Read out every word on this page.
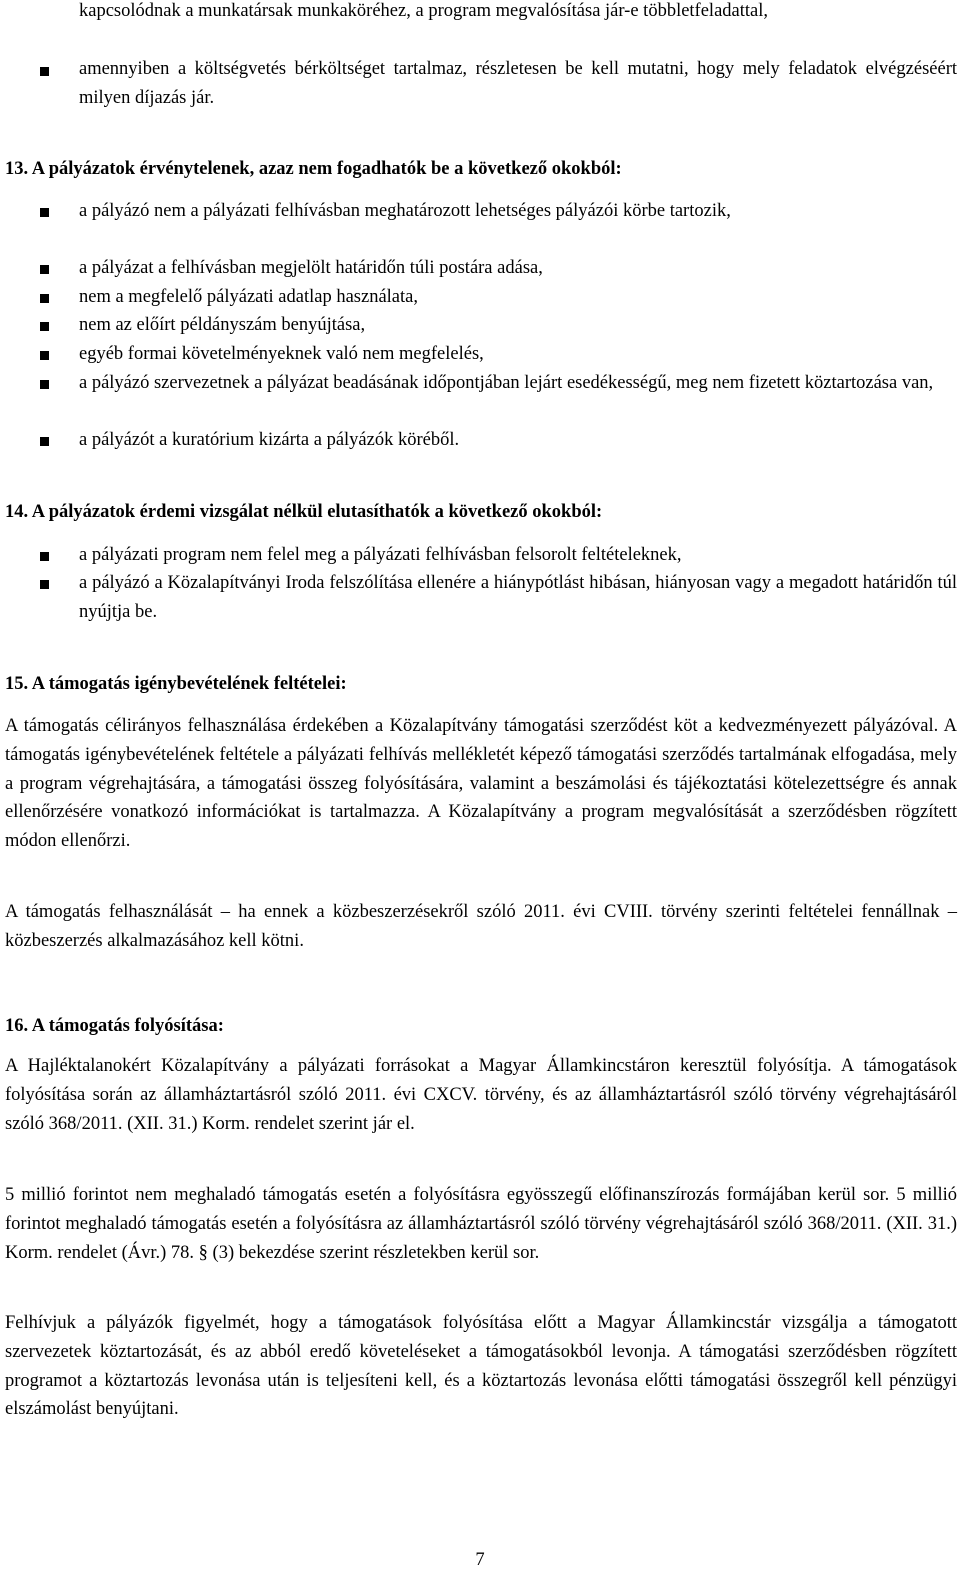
kapcsolódnak a munkatársak munkaköréhez, a program megvalósítása jár-e többletfeladattal,

amennyiben a költségvetés bérköltséget tartalmaz, részletesen be kell mutatni, hogy mely feladatok elvégzéséért milyen díjazás jár.

13. A pályázatok érvénytelenek, azaz nem fogadhatók be a következő okokból:

a pályázó nem a pályázati felhívásban meghatározott lehetséges pályázói körbe tartozik,

a pályázat a felhívásban megjelölt határidőn túli postára adása,

nem a megfelelő pályázati adatlap használata,

nem az előírt példányszám benyújtása,

egyéb formai követelményeknek való nem megfelelés,

a pályázó szervezetnek a pályázat beadásának időpontjában lejárt esedékességű, meg nem fizetett köztartozása van,

a pályázót a kuratórium kizárta a pályázók köréből.

14. A pályázatok érdemi vizsgálat nélkül elutasíthatók a következő okokból:

a pályázati program nem felel meg a pályázati felhívásban felsorolt feltételeknek,

a pályázó a Közalapítványi Iroda felszólítása ellenére a hiánypótlást hibásan, hiányosan vagy a megadott határidőn túl nyújtja be.

15. A támogatás igénybevételének feltételei:

A támogatás célirányos felhasználása érdekében a Közalapítvány támogatási szerződést köt a kedvezményezett pályázóval. A támogatás igénybevételének feltétele a pályázati felhívás mellékletét képező támogatási szerződés tartalmának elfogadása, mely a program végrehajtására, a támogatási összeg folyósítására, valamint a beszámolási és tájékoztatási kötelezettségre és annak ellenőrzésére vonatkozó információkat is tartalmazza. A Közalapítvány a program megvalósítását a szerződésben rögzített módon ellenőrzi.

A támogatás felhasználását – ha ennek a közbeszerzésekről szóló 2011. évi CVIII. törvény szerinti feltételei fennállnak – közbeszerzés alkalmazásához kell kötni.

16. A támogatás folyósítása:

A Hajléktalanokért Közalapítvány a pályázati forrásokat a Magyar Államkincstáron keresztül folyósítja. A támogatások folyósítása során az államháztartásról szóló 2011. évi CXCV. törvény, és az államháztartásról szóló törvény végrehajtásáról szóló 368/2011. (XII. 31.) Korm. rendelet szerint jár el.

5 millió forintot nem meghaladó támogatás esetén a folyósításra egyösszegű előfinanszírozás formájában kerül sor. 5 millió forintot meghaladó támogatás esetén a folyósításra az államháztartásról szóló törvény végrehajtásáról szóló 368/2011. (XII. 31.) Korm. rendelet (Ávr.) 78. § (3) bekezdése szerint részletekben kerül sor.

Felhívjuk a pályázók figyelmét, hogy a támogatások folyósítása előtt a Magyar Államkincstár vizsgálja a támogatott szervezetek köztartozását, és az abból eredő követeléseket a támogatásokból levonja. A támogatási szerződésben rögzített programot a köztartozás levonása után is teljesíteni kell, és a köztartozás levonása előtti támogatási összegről kell pénzügyi elszámolást benyújtani.

7
